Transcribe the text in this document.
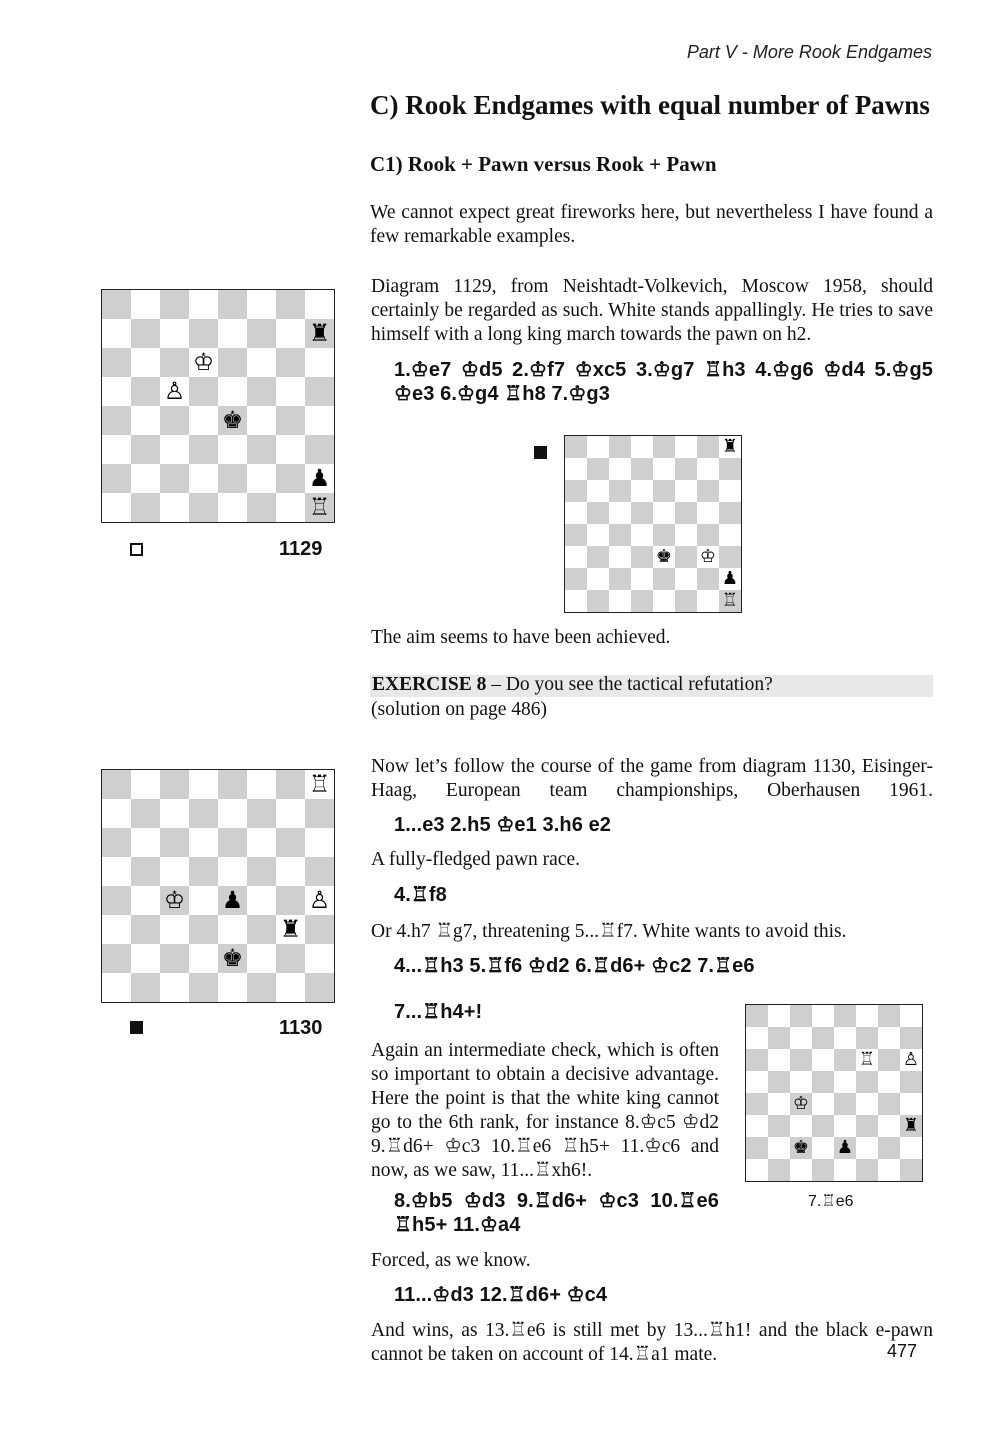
Part V - More Rook Endgames
C) Rook Endgames with equal number of Pawns
C1) Rook + Pawn versus Rook + Pawn
We cannot expect great fireworks here, but nevertheless I have found a few remarkable examples.
♜
♔
♙
♚
♟
♖
1129
Diagram 1129, from Neishtadt-Volkevich, Moscow 1958, should certainly be regarded as such. White stands appallingly. He tries to save himself with a long king march towards the pawn on h2.
1.♔e7 ♔d5 2.♔f7 ♔xc5 3.♔g7 ♖h3 4.♔g6 ♔d4 5.♔g5 ♔e3 6.♔g4 ♖h8 7.♔g3
♜
♚ ♔
♟
♖
The aim seems to have been achieved.
EXERCISE 8 – Do you see the tactical refutation?
(solution on page 486)
♖
♔ ♟	♙
♜
♚
1130
Now let’s follow the course of the game from diagram 1130, Eisinger-Haag, European team championships, Oberhausen 1961.
1...e3 2.h5 ♔e1 3.h6 e2
A fully-fledged pawn race.
4.♖f8
Or 4.h7 ♖g7, threatening 5...♖f7. White wants to avoid this.
4...♖h3 5.♖f6 ♔d2 6.♖d6+ ♔c2 7.♖e6
7...♖h4+!
Again an intermediate check, which is often so important to obtain a decisive advantage. Here the point is that the white king cannot go to the 6th rank, for instance 8.♔c5 ♔d2 9.♖d6+ ♔c3 10.♖e6 ♖h5+ 11.♔c6 and now, as we saw, 11...♖xh6!.
8.♔b5 ♔d3 9.♖d6+ ♔c3 10.♖e6 ♖h5+ 11.♔a4
♖ ♙
♔
♜
♚ ♟
7.♖e6
Forced, as we know.
11...♔d3 12.♖d6+ ♔c4
And wins, as 13.♖e6 is still met by 13...♖h1! and the black e-pawn cannot be taken on account of 14.♖a1 mate.	477
